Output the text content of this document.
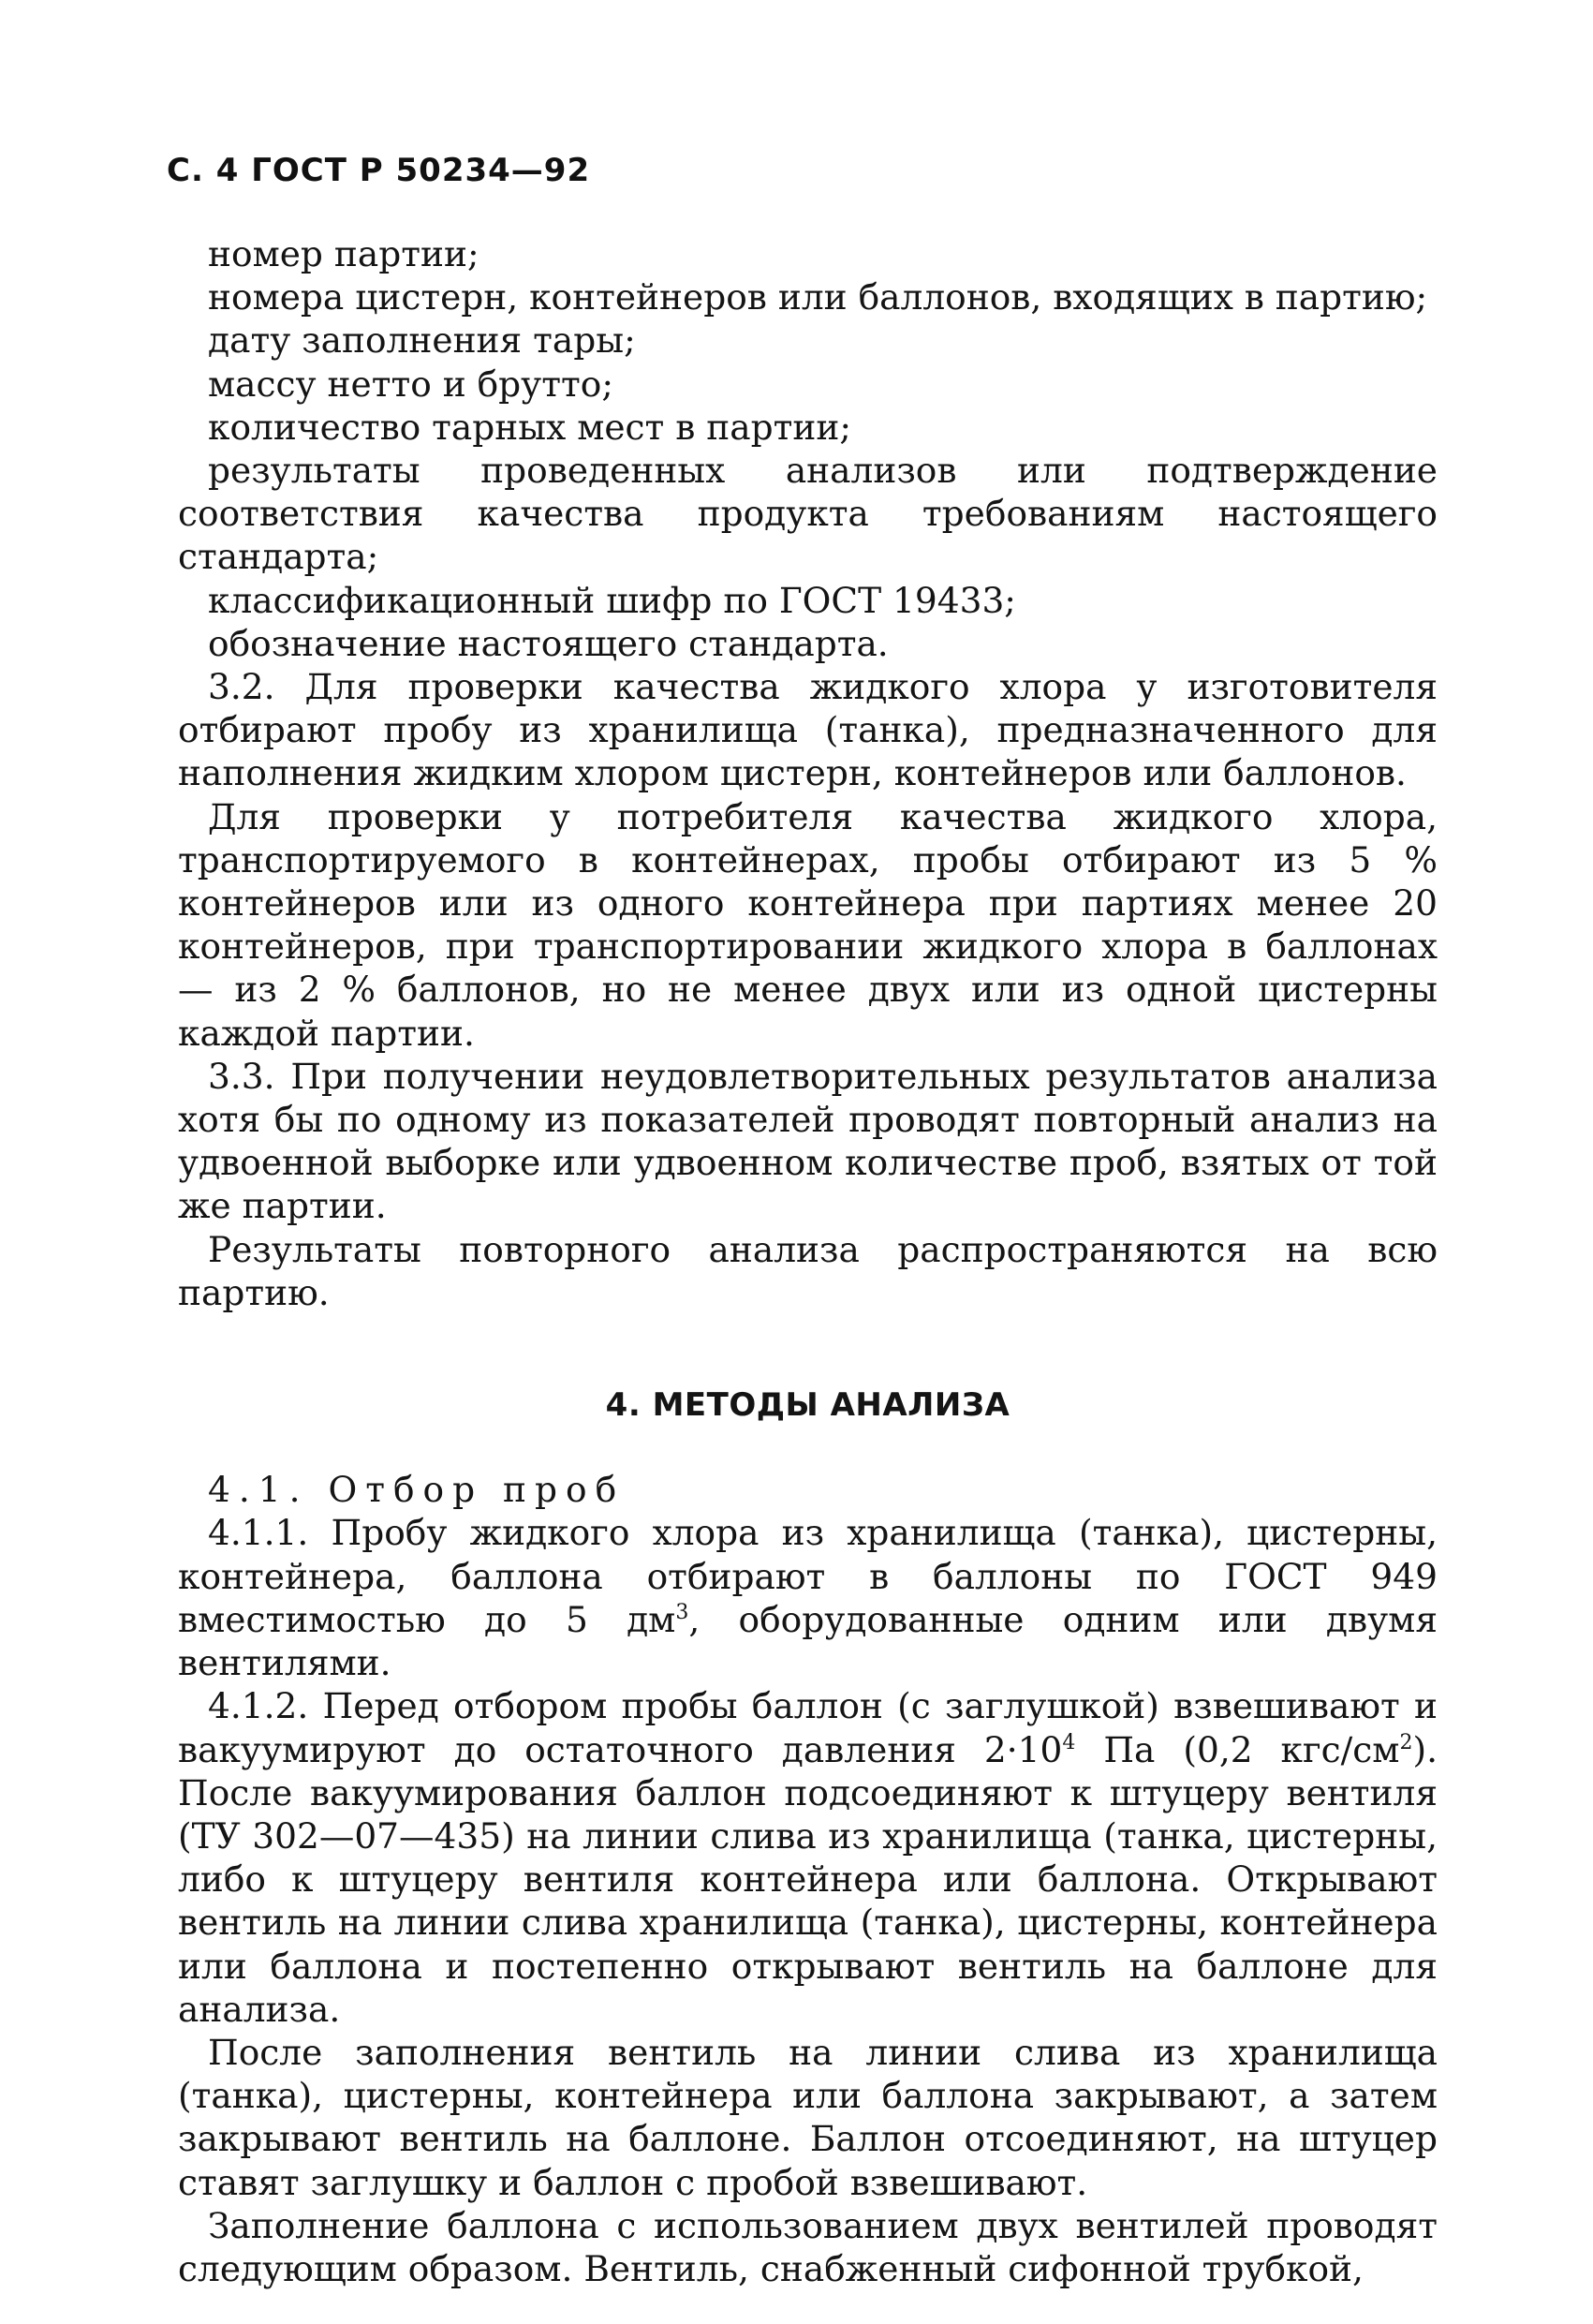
С. 4 ГОСТ Р 50234—92

номер партии;

номера цистерн, контейнеров или баллонов, входящих в партию;

дату заполнения тары;

массу нетто и брутто;

количество тарных мест в партии;

результаты проведенных анализов или подтверждение соответствия качества продукта требованиям настоящего стандарта;

классификационный шифр по ГОСТ 19433;

обозначение настоящего стандарта.

3.2. Для проверки качества жидкого хлора у изготовителя отбирают пробу из хранилища (танка), предназначенного для наполнения жидким хлором цистерн, контейнеров или баллонов.

Для проверки у потребителя качества жидкого хлора, транспортируемого в контейнерах, пробы отбирают из 5 % контейнеров или из одного контейнера при партиях менее 20 контейнеров, при транспортировании жидкого хлора в баллонах — из 2 % баллонов, но не менее двух или из одной цистерны каждой партии.

3.3. При получении неудовлетворительных результатов анализа хотя бы по одному из показателей проводят повторный анализ на удвоенной выборке или удвоенном количестве проб, взятых от той же партии.

Результаты повторного анализа распространяются на всю партию.

4. МЕТОДЫ АНАЛИЗА

4.1. Отбор проб

4.1.1. Пробу жидкого хлора из хранилища (танка), цистерны, контейнера, баллона отбирают в баллоны по ГОСТ 949 вместимостью до 5 $дм^3$, оборудованные одним или двумя вентилями.

4.1.2. Перед отбором пробы баллон (с заглушкой) взвешивают и вакуумируют до остаточного давления $2\cdot 10^4$ Па (0,2 кгс/$см^2$). После вакуумирования баллон подсоединяют к штуцеру вентиля (ТУ 302—07—435) на линии слива из хранилища (танка, цистерны, либо к штуцеру вентиля контейнера или баллона. Открывают вентиль на линии слива хранилища (танка), цистерны, контейнера или баллона и постепенно открывают вентиль на баллоне для анализа.

После заполнения вентиль на линии слива из хранилища (танка), цистерны, контейнера или баллона закрывают, а затем закрывают вентиль на баллоне. Баллон отсоединяют, на штуцер ставят заглушку и баллон с пробой взвешивают.

Заполнение баллона с использованием двух вентилей проводят следующим образом. Вентиль, снабженный сифонной трубкой,
